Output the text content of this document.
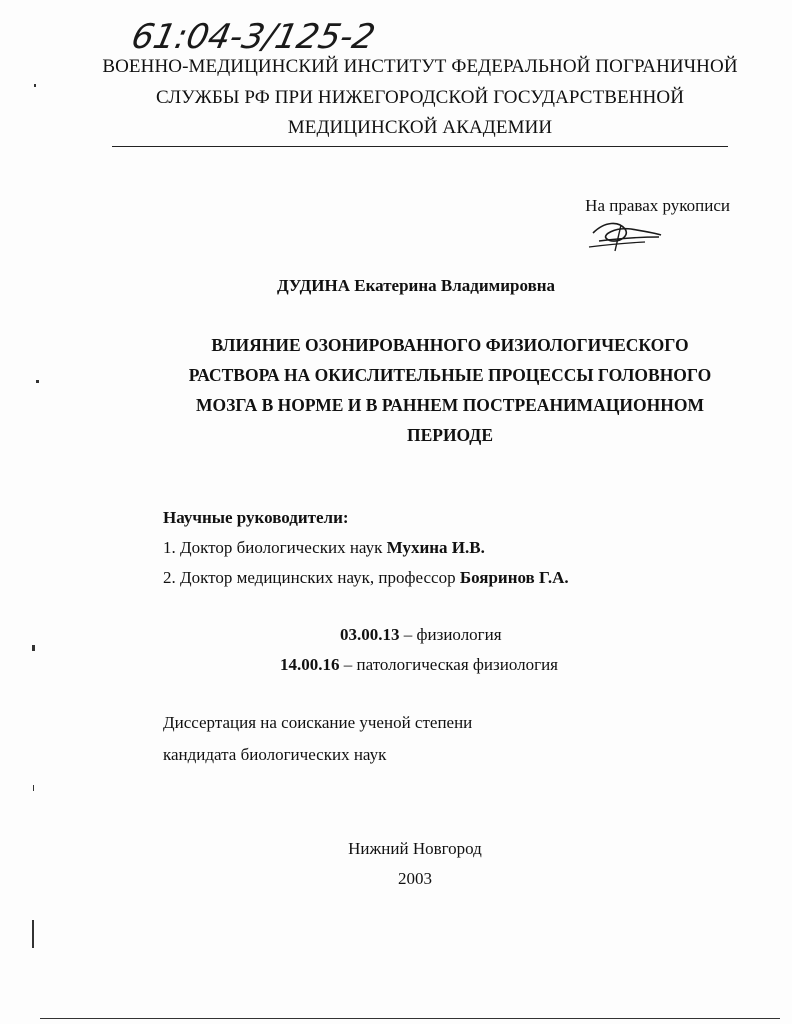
61:04-3/125-2
ВОЕННО-МЕДИЦИНСКИЙ ИНСТИТУТ ФЕДЕРАЛЬНОЙ ПОГРАНИЧНОЙ
СЛУЖБЫ РФ ПРИ НИЖЕГОРОДСКОЙ ГОСУДАРСТВЕННОЙ
МЕДИЦИНСКОЙ АКАДЕМИИ
На правах рукописи
ДУДИНА Екатерина Владимировна
ВЛИЯНИЕ ОЗОНИРОВАННОГО ФИЗИОЛОГИЧЕСКОГО
РАСТВОРА НА ОКИСЛИТЕЛЬНЫЕ ПРОЦЕССЫ ГОЛОВНОГО
МОЗГА В НОРМЕ И В РАННЕМ ПОСТРЕАНИМАЦИОННОМ
ПЕРИОДЕ
Научные руководители:
1. Доктор биологических наук Мухина И.В.
2. Доктор медицинских наук, профессор Бояринов Г.А.
03.00.13 – физиология
14.00.16 – патологическая физиология
Диссертация на соискание ученой степени
кандидата биологических наук
Нижний Новгород
2003
